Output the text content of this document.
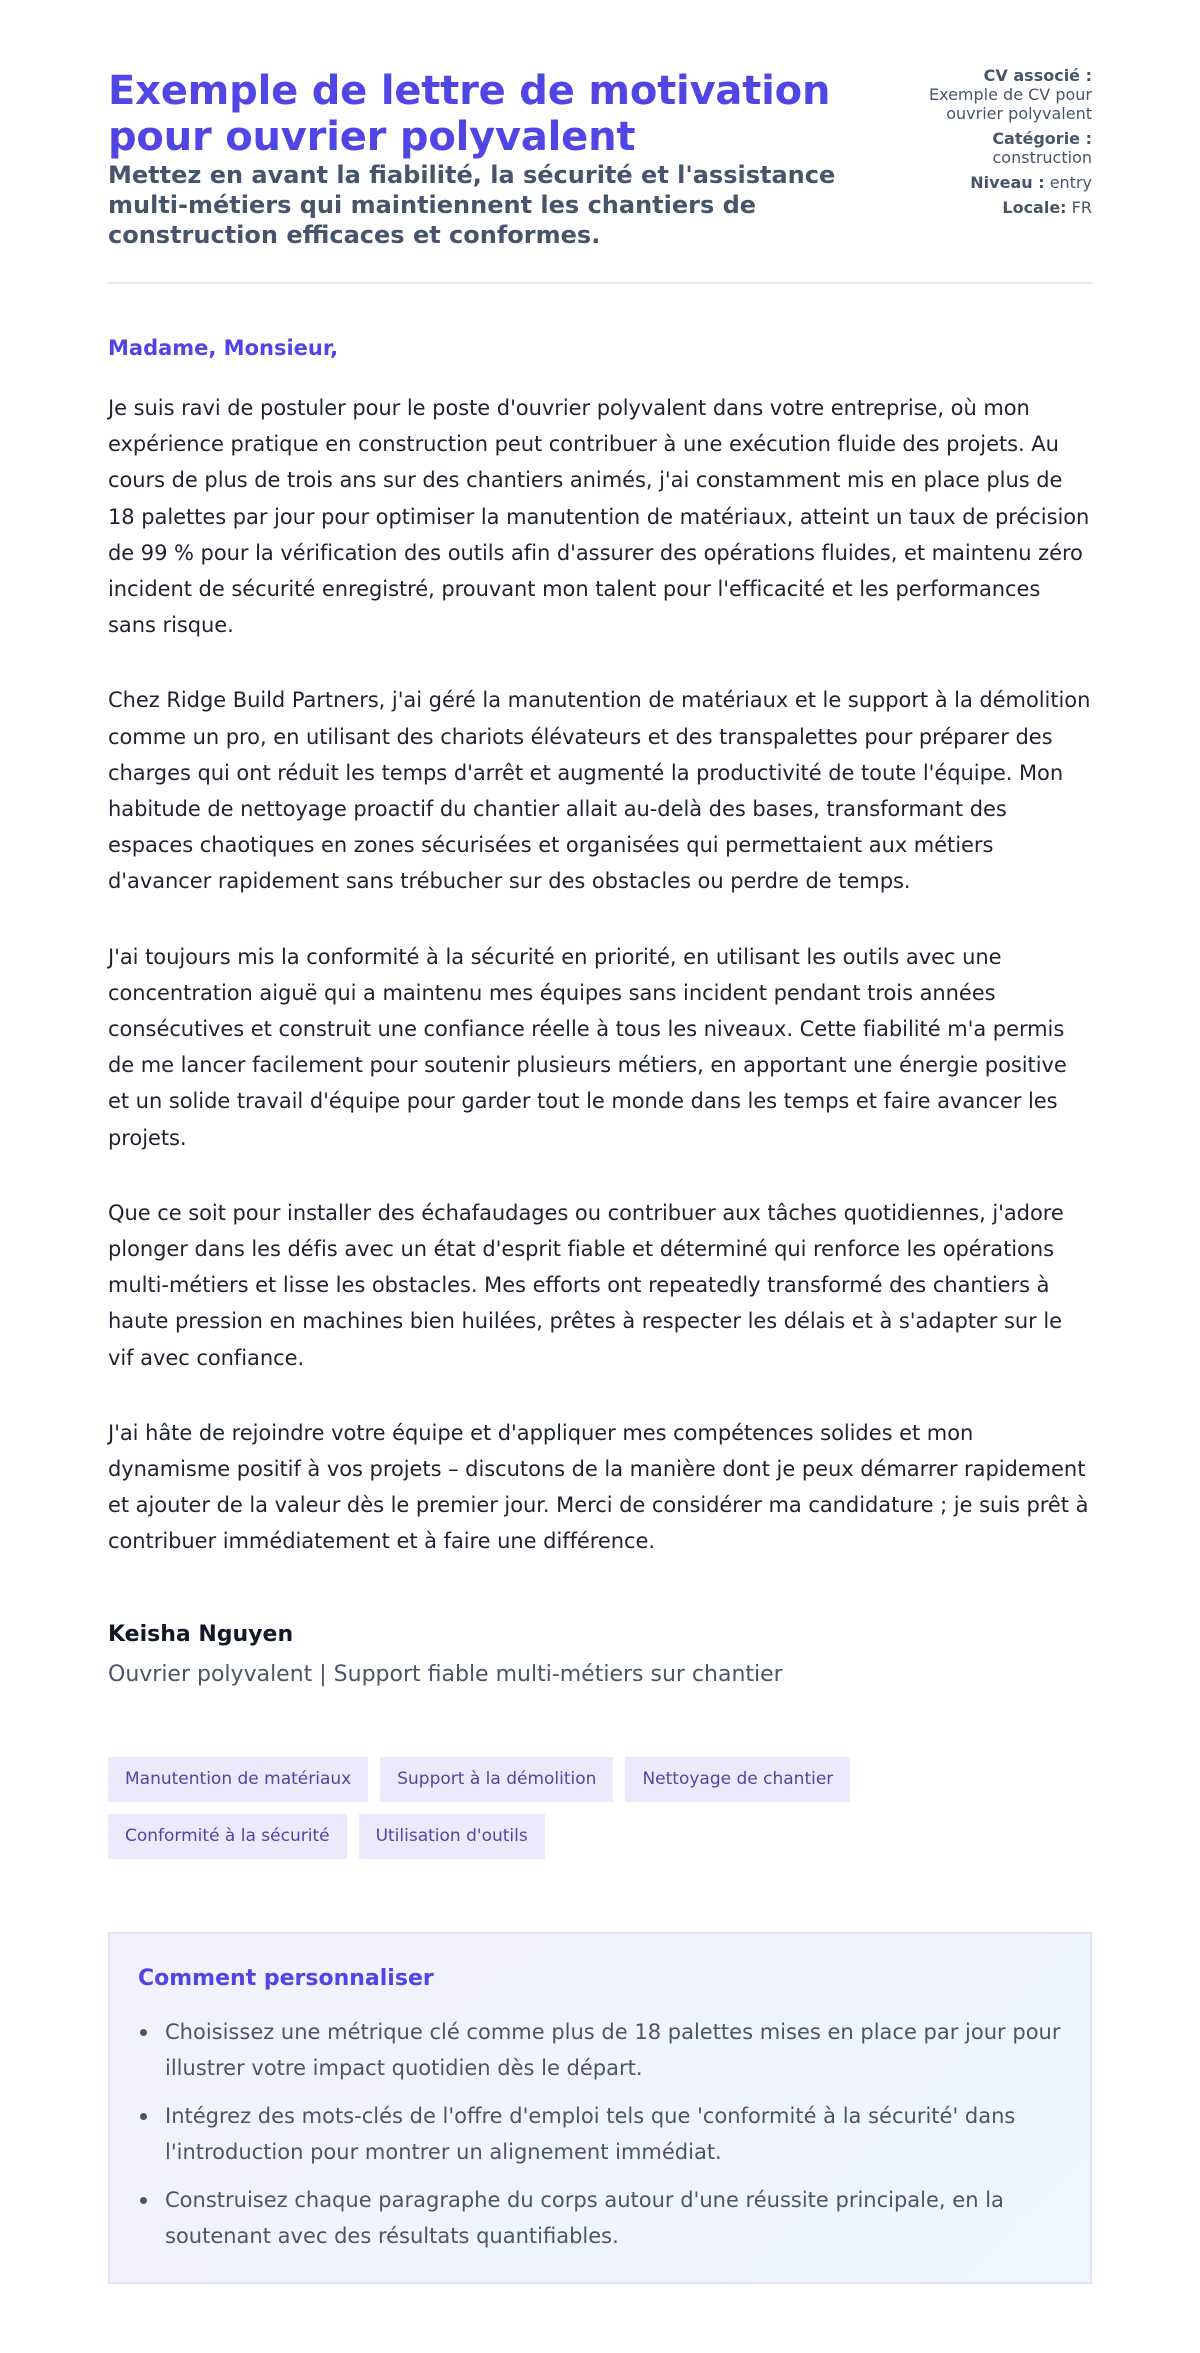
Exemple de lettre de motivation pour ouvrier polyvalent
Mettez en avant la fiabilité, la sécurité et l'assistance multi-métiers qui maintiennent les chantiers de construction efficaces et conformes.
CV associé :
Exemple de CV pour ouvrier polyvalent
Catégorie :
construction
Niveau : entry
Locale: FR
Madame, Monsieur,

Je suis ravi de postuler pour le poste d'ouvrier polyvalent dans votre entreprise, où mon expérience pratique en construction peut contribuer à une exécution fluide des projets. Au cours de plus de trois ans sur des chantiers animés, j'ai constamment mis en place plus de 18 palettes par jour pour optimiser la manutention de matériaux, atteint un taux de précision de 99 % pour la vérification des outils afin d'assurer des opérations fluides, et maintenu zéro incident de sécurité enregistré, prouvant mon talent pour l'efficacité et les performances sans risque.

Chez Ridge Build Partners, j'ai géré la manutention de matériaux et le support à la démolition comme un pro, en utilisant des chariots élévateurs et des transpalettes pour préparer des charges qui ont réduit les temps d'arrêt et augmenté la productivité de toute l'équipe. Mon habitude de nettoyage proactif du chantier allait au-delà des bases, transformant des espaces chaotiques en zones sécurisées et organisées qui permettaient aux métiers d'avancer rapidement sans trébucher sur des obstacles ou perdre de temps.

J'ai toujours mis la conformité à la sécurité en priorité, en utilisant les outils avec une concentration aiguë qui a maintenu mes équipes sans incident pendant trois années consécutives et construit une confiance réelle à tous les niveaux. Cette fiabilité m'a permis de me lancer facilement pour soutenir plusieurs métiers, en apportant une énergie positive et un solide travail d'équipe pour garder tout le monde dans les temps et faire avancer les projets.

Que ce soit pour installer des échafaudages ou contribuer aux tâches quotidiennes, j'adore plonger dans les défis avec un état d'esprit fiable et déterminé qui renforce les opérations multi-métiers et lisse les obstacles. Mes efforts ont repeatedly transformé des chantiers à haute pression en machines bien huilées, prêtes à respecter les délais et à s'adapter sur le vif avec confiance.

J'ai hâte de rejoindre votre équipe et d'appliquer mes compétences solides et mon dynamisme positif à vos projets – discutons de la manière dont je peux démarrer rapidement et ajouter de la valeur dès le premier jour. Merci de considérer ma candidature ; je suis prêt à contribuer immédiatement et à faire une différence.

Keisha Nguyen
Ouvrier polyvalent | Support fiable multi-métiers sur chantier
Manutention de matériaux	Support à la démolition	Nettoyage de chantier
Conformité à la sécurité	Utilisation d'outils
Comment personnaliser
Choisissez une métrique clé comme plus de 18 palettes mises en place par jour pour illustrer votre impact quotidien dès le départ.
Intégrez des mots-clés de l'offre d'emploi tels que 'conformité à la sécurité' dans l'introduction pour montrer un alignement immédiat.
Construisez chaque paragraphe du corps autour d'une réussite principale, en la soutenant avec des résultats quantifiables.
